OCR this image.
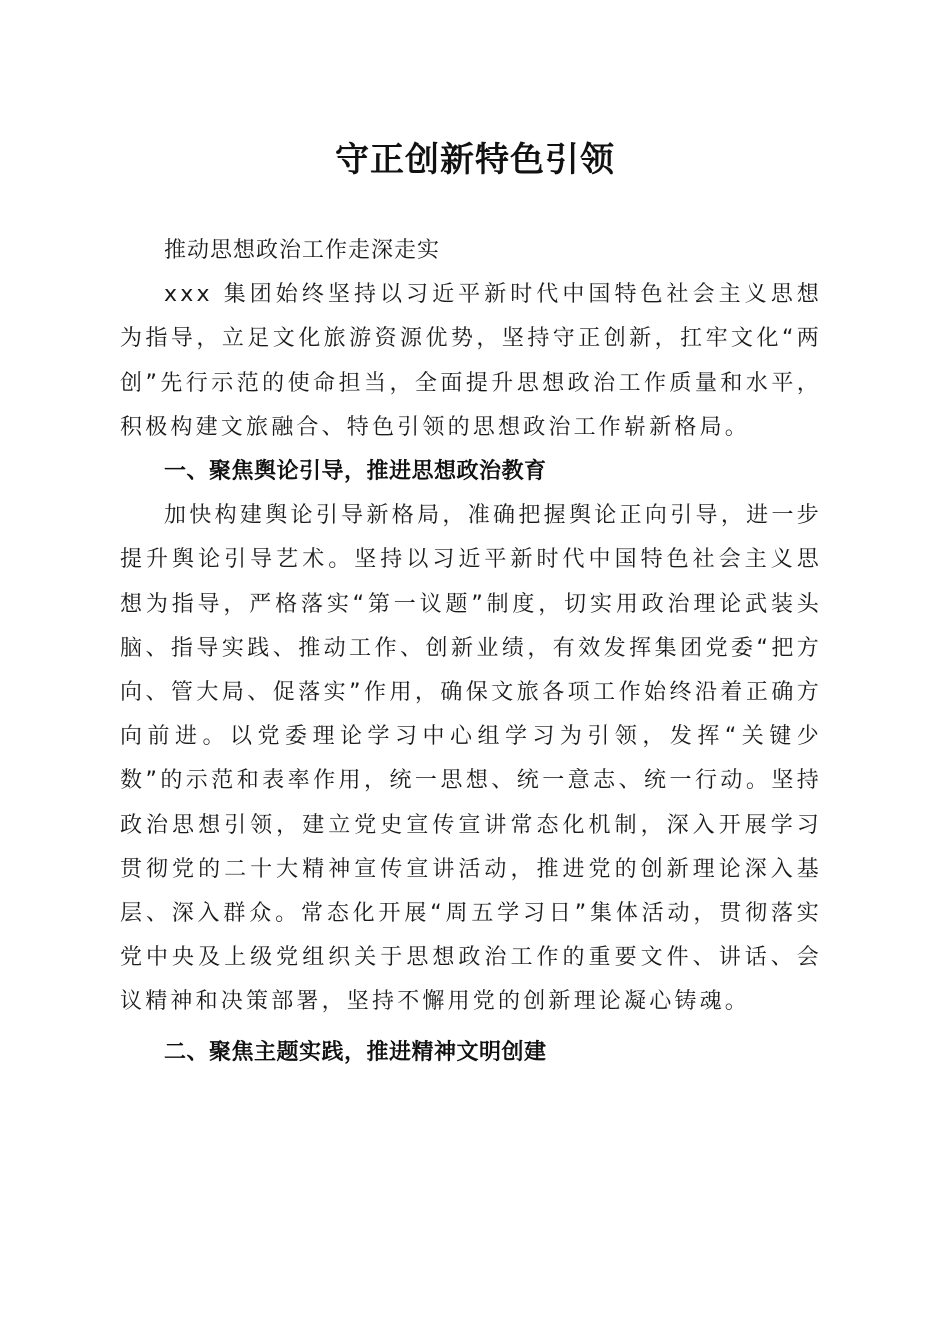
守正创新特色引领

推动思想政治工作走深走实

xxx 集团始终坚持以习近平新时代中国特色社会主义思想为指导，立足文化旅游资源优势，坚持守正创新，扛牢文化“两创”先行示范的使命担当，全面提升思想政治工作质量和水平，积极构建文旅融合、特色引领的思想政治工作崭新格局。

一、聚焦舆论引导，推进思想政治教育

加快构建舆论引导新格局，准确把握舆论正向引导，进一步提升舆论引导艺术。坚持以习近平新时代中国特色社会主义思想为指导，严格落实“第一议题”制度，切实用政治理论武装头脑、指导实践、推动工作、创新业绩，有效发挥集团党委“把方向、管大局、促落实”作用，确保文旅各项工作始终沿着正确方向前进。以党委理论学习中心组学习为引领，发挥“关键少数”的示范和表率作用，统一思想、统一意志、统一行动。坚持政治思想引领，建立党史宣传宣讲常态化机制，深入开展学习贯彻党的二十大精神宣传宣讲活动，推进党的创新理论深入基层、深入群众。常态化开展“周五学习日”集体活动，贯彻落实党中央及上级党组织关于思想政治工作的重要文件、讲话、会议精神和决策部署，坚持不懈用党的创新理论凝心铸魂。

二、聚焦主题实践，推进精神文明创建
